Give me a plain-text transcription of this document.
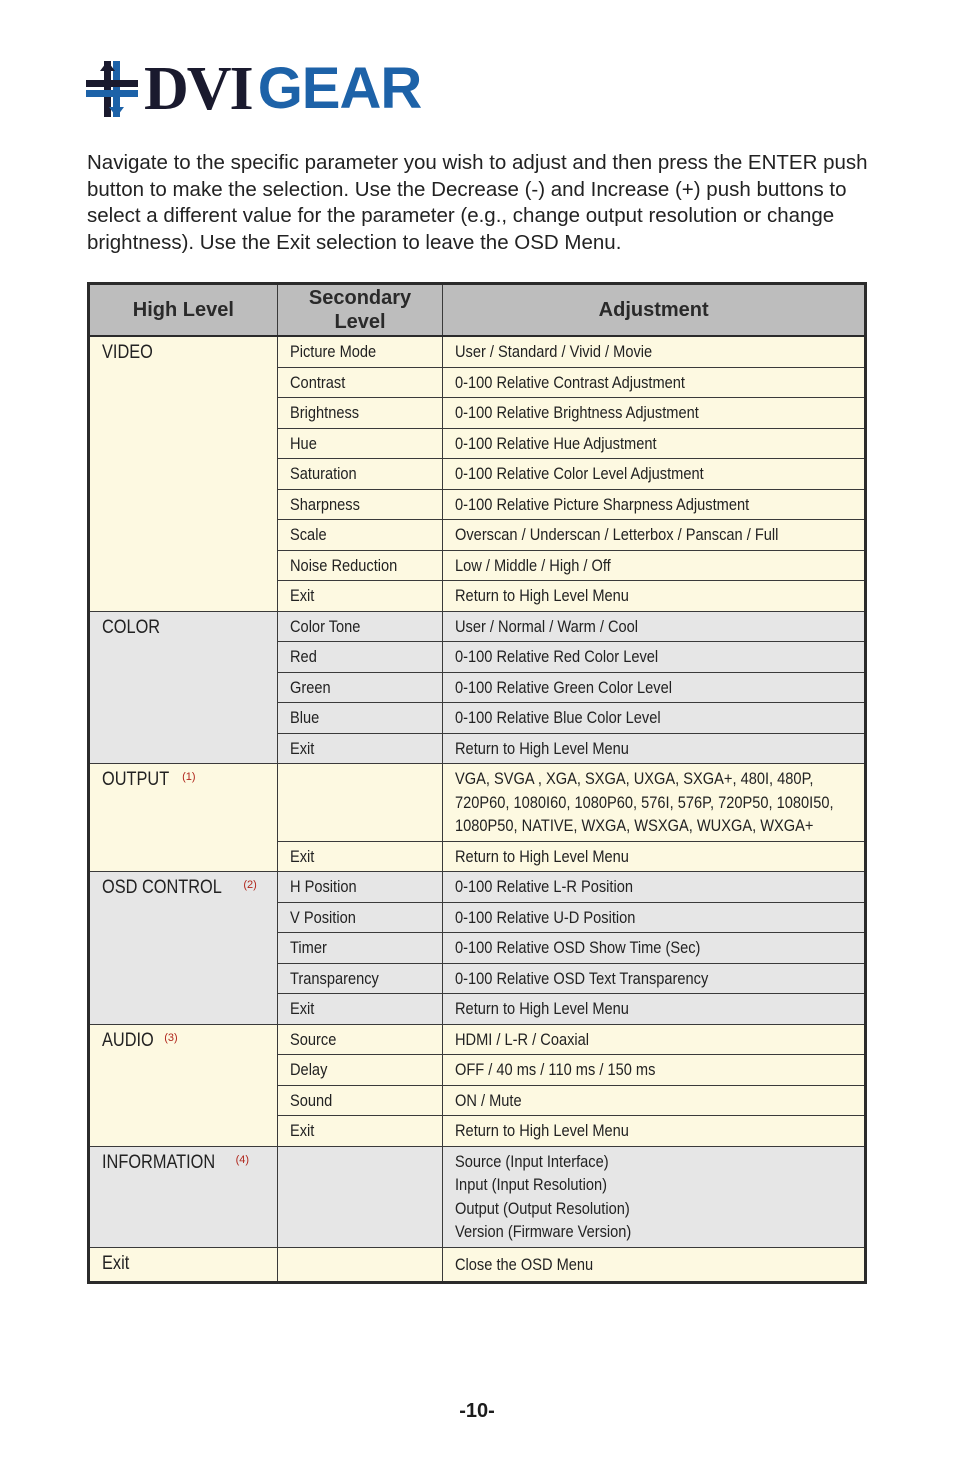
DVI GEAR
Navigate to the specific parameter you wish to adjust and then press the ENTER push button to make the selection. Use the Decrease (-) and Increase (+) push buttons to select a different value for the parameter (e.g., change output resolution or change brightness). Use the Exit selection to leave the OSD Menu.
High Level	Secondary Level	Adjustment
VIDEO	Picture Mode	User / Standard / Vivid / Movie
	Contrast	0-100 Relative Contrast Adjustment
	Brightness	0-100 Relative Brightness Adjustment
	Hue	0-100 Relative Hue Adjustment
	Saturation	0-100 Relative Color Level Adjustment
	Sharpness	0-100 Relative Picture Sharpness Adjustment
	Scale	Overscan / Underscan / Letterbox / Panscan / Full
	Noise Reduction	Low / Middle / High / Off
	Exit	Return to High Level Menu
COLOR	Color Tone	User / Normal / Warm / Cool
	Red	0-100 Relative Red Color Level
	Green	0-100 Relative Green Color Level
	Blue	0-100 Relative Blue Color Level
	Exit	Return to High Level Menu
OUTPUT $^{(1)}$		VGA, SVGA , XGA, SXGA, UXGA, SXGA+, 480I, 480P, 720P60, 1080I60, 1080P60, 576I, 576P, 720P50, 1080I50, 1080P50, NATIVE, WXGA, WSXGA, WUXGA, WXGA+

	Exit	Return to High Level Menu
OSD CONTROL $^{(2)}$	H Position	0-100 Relative L-R Position
	V Position	0-100 Relative U-D Position
	Timer	0-100 Relative OSD Show Time (Sec)
	Transparency	0-100 Relative OSD Text Transparency
	Exit	Return to High Level Menu
AUDIO $^{(3)}$	Source	HDMI / L-R / Coaxial
	Delay	OFF / 40 ms / 110 ms / 150 ms
	Sound	ON / Mute
	Exit	Return to High Level Menu
INFORMATION $^{(4)}$		Source (Input Interface)
Input (Input Resolution)
Output (Output Resolution)
Version (Firmware Version)

Exit		Close the OSD Menu
-10-
